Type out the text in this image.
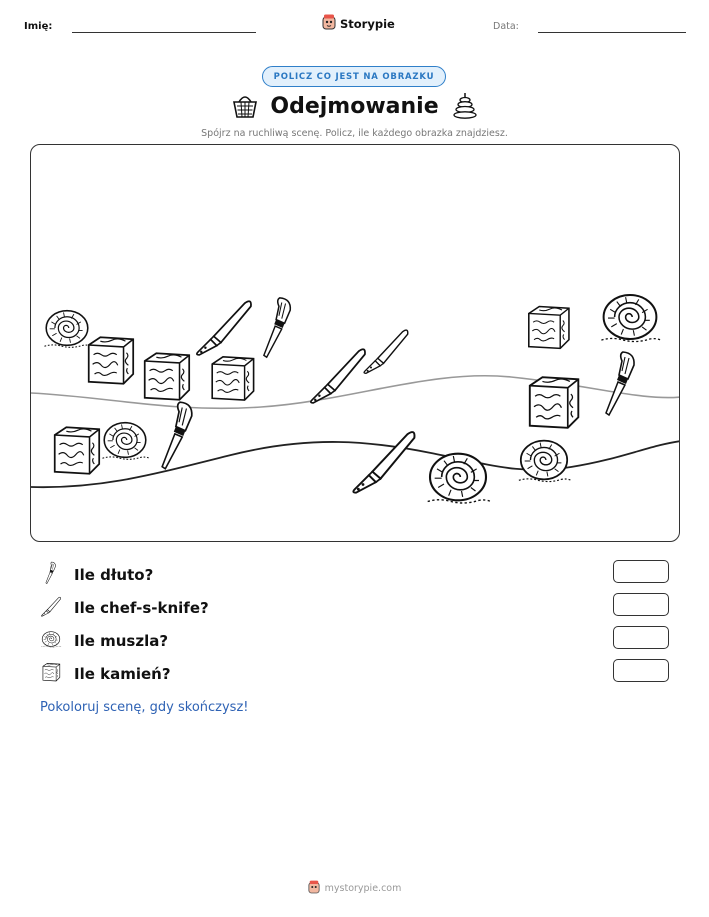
Imię:	Storypie	Data:
POLICZ CO JEST NA OBRAZKU
Odejmowanie
Spójrz na ruchliwą scenę. Policz, ile każdego obrazka znajdziesz.
Ile dłuto?
Ile chef-s-knife?
Ile muszla?
Ile kamień?
Pokoloruj scenę, gdy skończysz!
mystorypie.com
